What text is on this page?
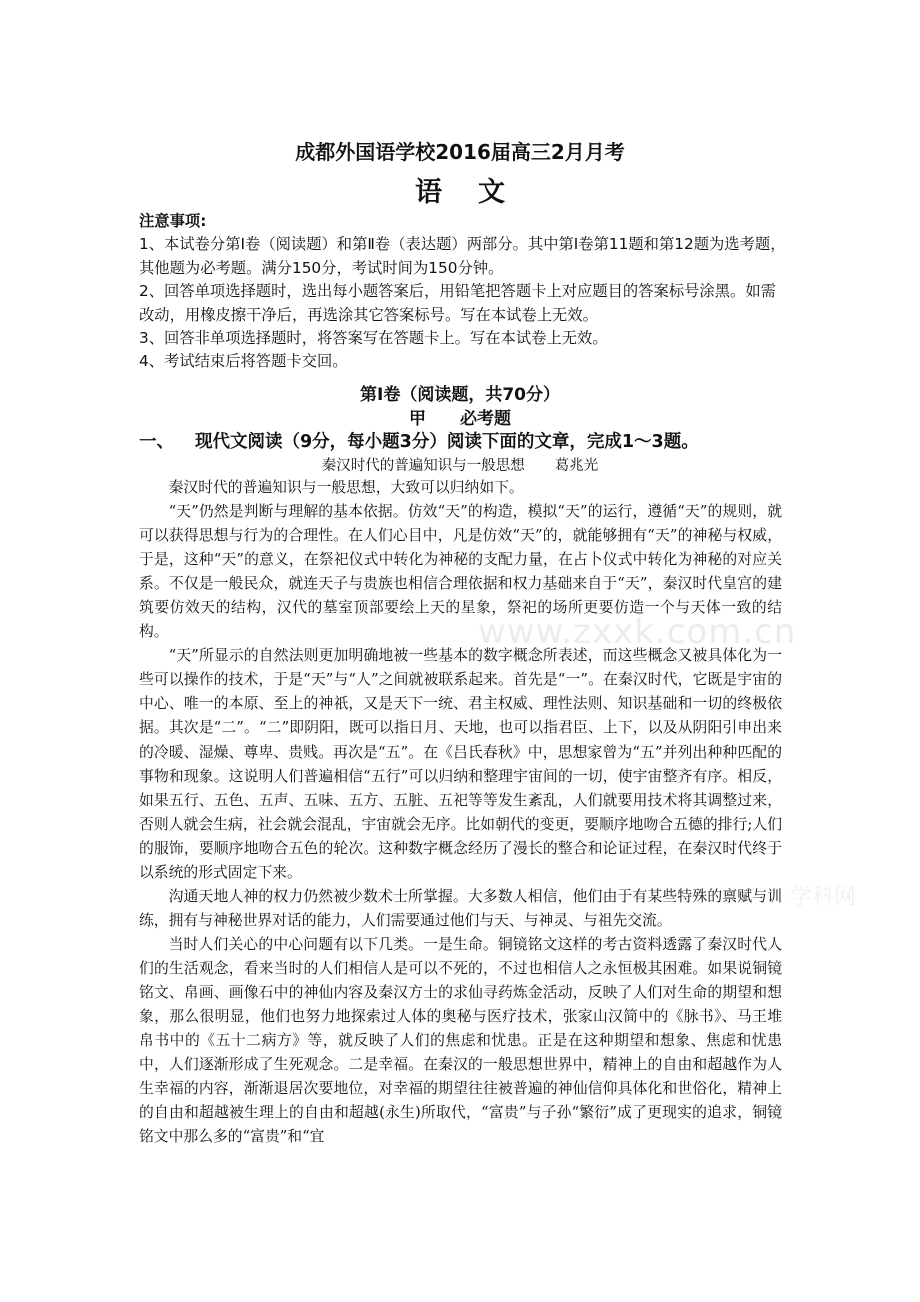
成都外国语学校2016届高三2月月考
语文

注意事项:

1、本试卷分第Ⅰ卷（阅读题）和第Ⅱ卷（表达题）两部分。其中第Ⅰ卷第11题和第12题为选考题，其他题为必考题。满分150分，考试时间为150分钟。

2、回答单项选择题时，选出每小题答案后，用铅笔把答题卡上对应题目的答案标号涂黑。如需改动，用橡皮擦干净后，再选涂其它答案标号。写在本试卷上无效。

3、回答非单项选择题时，将答案写在答题卡上。写在本试卷上无效。

4、考试结束后将答题卡交回。

第Ⅰ卷（阅读题，共70分）
甲　　必考题
一、 现代文阅读（9分，每小题3分）阅读下面的文章，完成1～3题。
秦汉时代的普遍知识与一般思想 葛兆光

秦汉时代的普遍知识与一般思想，大致可以归纳如下。

“天”仍然是判断与理解的基本依据。仿效“天”的构造，模拟“天”的运行，遵循“天”的规则，就可以获得思想与行为的合理性。在人们心目中，凡是仿效“天”的，就能够拥有“天”的神秘与权威，于是，这种“天”的意义，在祭祀仪式中转化为神秘的支配力量，在占卜仪式中转化为神秘的对应关系。不仅是一般民众，就连天子与贵族也相信合理依据和权力基础来自于“天”，秦汉时代皇宫的建筑要仿效天的结构，汉代的墓室顶部要绘上天的星象，祭祀的场所更要仿造一个与天体一致的结构。

“天”所显示的自然法则更加明确地被一些基本的数字概念所表述，而这些概念又被具体化为一些可以操作的技术，于是“天”与“人”之间就被联系起来。首先是“一”。在秦汉时代，它既是宇宙的中心、唯一的本原、至上的神祇，又是天下一统、君主权威、理性法则、知识基础和一切的终极依据。其次是“二”。“二”即阴阳，既可以指日月、天地，也可以指君臣、上下，以及从阴阳引申出来的冷暖、湿燥、尊卑、贵贱。再次是“五”。在《吕氏春秋》中，思想家曾为“五”并列出种种匹配的事物和现象。这说明人们普遍相信“五行”可以归纳和整理宇宙间的一切，使宇宙整齐有序。相反，如果五行、五色、五声、五味、五方、五脏、五祀等等发生紊乱，人们就要用技术将其调整过来，否则人就会生病，社会就会混乱，宇宙就会无序。比如朝代的变更，要顺序地吻合五德的排行;人们的服饰，要顺序地吻合五色的轮次。这种数字概念经历了漫长的整合和论证过程，在秦汉时代终于以系统的形式固定下来。

沟通天地人神的权力仍然被少数术士所掌握。大多数人相信，他们由于有某些特殊的禀赋与训练，拥有与神秘世界对话的能力，人们需要通过他们与天、与神灵、与祖先交流。

当时人们关心的中心问题有以下几类。一是生命。铜镜铭文这样的考古资料透露了秦汉时代人们的生活观念，看来当时的人们相信人是可以不死的，不过也相信人之永恒极其困难。如果说铜镜铭文、帛画、画像石中的神仙内容及秦汉方士的求仙寻药炼金活动，反映了人们对生命的期望和想象，那么很明显，他们也努力地探索过人体的奥秘与医疗技术，张家山汉简中的《脉书》、马王堆帛书中的《五十二病方》等，就反映了人们的焦虑和忧患。正是在这种期望和想象、焦虑和忧患中，人们逐渐形成了生死观念。二是幸福。在秦汉的一般思想世界中，精神上的自由和超越作为人生幸福的内容，渐渐退居次要地位，对幸福的期望往往被普遍的神仙信仰具体化和世俗化，精神上的自由和超越被生理上的自由和超越(永生)所取代，“富贵”与子孙“繁衍”成了更现实的追求，铜镜铭文中那么多的“富贵”和“宜

www.zxxk.com.cn
学科网
